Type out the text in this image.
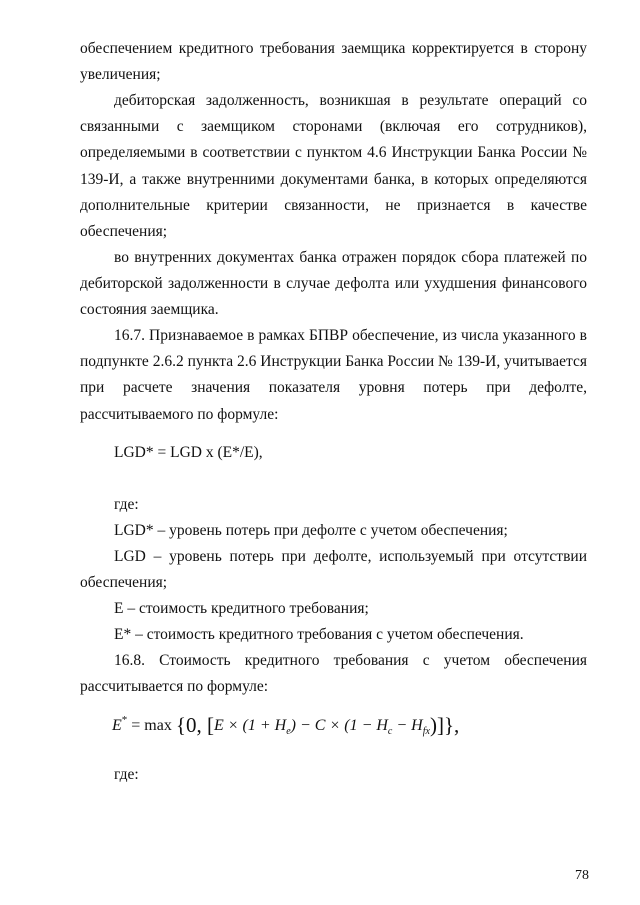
обеспечением кредитного требования заемщика корректируется в сторону увеличения;

дебиторская задолженность, возникшая в результате операций со связанными с заемщиком сторонами (включая его сотрудников), определяемыми в соответствии с пунктом 4.6 Инструкции Банка России № 139-И, а также внутренними документами банка, в которых определяются дополнительные критерии связанности, не признается в качестве обеспечения;

во внутренних документах банка отражен порядок сбора платежей по дебиторской задолженности в случае дефолта или ухудшения финансового состояния заемщика.

16.7. Признаваемое в рамках БПВР обеспечение, из числа указанного в подпункте 2.6.2 пункта 2.6 Инструкции Банка России № 139-И, учитывается при расчете значения показателя уровня потерь при дефолте, рассчитываемого по формуле:

LGD* = LGD x (E*/E),

где:

LGD* – уровень потерь при дефолте с учетом обеспечения;

LGD – уровень потерь при дефолте, используемый при отсутствии обеспечения;

E – стоимость кредитного требования;

E* – стоимость кредитного требования с учетом обеспечения.

16.8. Стоимость кредитного требования с учетом обеспечения рассчитывается по формуле:

E* = max {0, $[E \times (1 + H_e) - C \times (1 - H_c - H_{fx})]$},

где:

78
